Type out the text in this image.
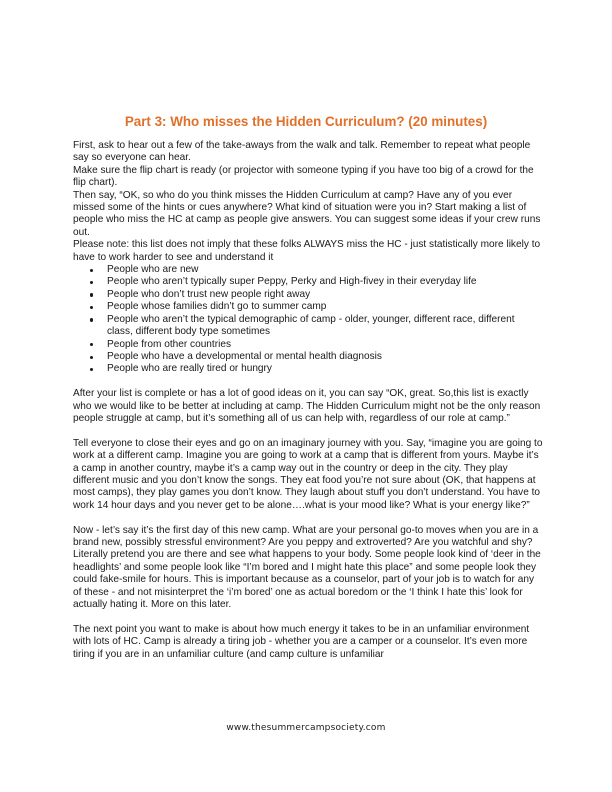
Part 3: Who misses the Hidden Curriculum? (20 minutes)

First, ask to hear out a few of the take-aways from the walk and talk. Remember to repeat what people say so everyone can hear.

Make sure the flip chart is ready (or projector with someone typing if you have too big of a crowd for the flip chart).

Then say, “OK, so who do you think misses the Hidden Curriculum at camp? Have any of you ever missed some of the hints or cues anywhere? What kind of situation were you in? Start making a list of people who miss the HC at camp as people give answers. You can suggest some ideas if your crew runs out.

Please note: this list does not imply that these folks ALWAYS miss the HC - just statistically more likely to have to work harder to see and understand it

People who are new
People who aren’t typically super Peppy, Perky and High-fivey in their everyday life
People who don’t trust new people right away
People whose families didn’t go to summer camp
People who aren’t the typical demographic of camp - older, younger, different race, different class, different body type sometimes
People from other countries
People who have a developmental or mental health diagnosis
People who are really tired or hungry

After your list is complete or has a lot of good ideas on it, you can say “OK, great. So,this list is exactly who we would like to be better at including at camp. The Hidden Curriculum might not be the only reason people struggle at camp, but it’s something all of us can help with, regardless of our role at camp.”

Tell everyone to close their eyes and go on an imaginary journey with you. Say, “imagine you are going to work at a different camp. Imagine you are going to work at a camp that is different from yours. Maybe it’s a camp in another country, maybe it’s a camp way out in the country or deep in the city. They play different music and you don’t know the songs. They eat food you’re not sure about (OK, that happens at most camps), they play games you don’t know. They laugh about stuff you don’t understand. You have to work 14 hour days and you never get to be alone….what is your mood like? What is your energy like?”

Now - let’s say it’s the first day of this new camp. What are your personal go-to moves when you are in a brand new, possibly stressful environment? Are you peppy and extroverted? Are you watchful and shy? Literally pretend you are there and see what happens to your body. Some people look kind of ‘deer in the headlights’ and some people look like “I’m bored and I might hate this place” and some people look they could fake-smile for hours. This is important because as a counselor, part of your job is to watch for any of these - and not misinterpret the ‘i’m bored’ one as actual boredom or the ‘I think I hate this’ look for actually hating it. More on this later.

The next point you want to make is about how much energy it takes to be in an unfamiliar environment with lots of HC. Camp is already a tiring job - whether you are a camper or a counselor. It’s even more tiring if you are in an unfamiliar culture (and camp culture is unfamiliar

www.thesummercampsociety.com
